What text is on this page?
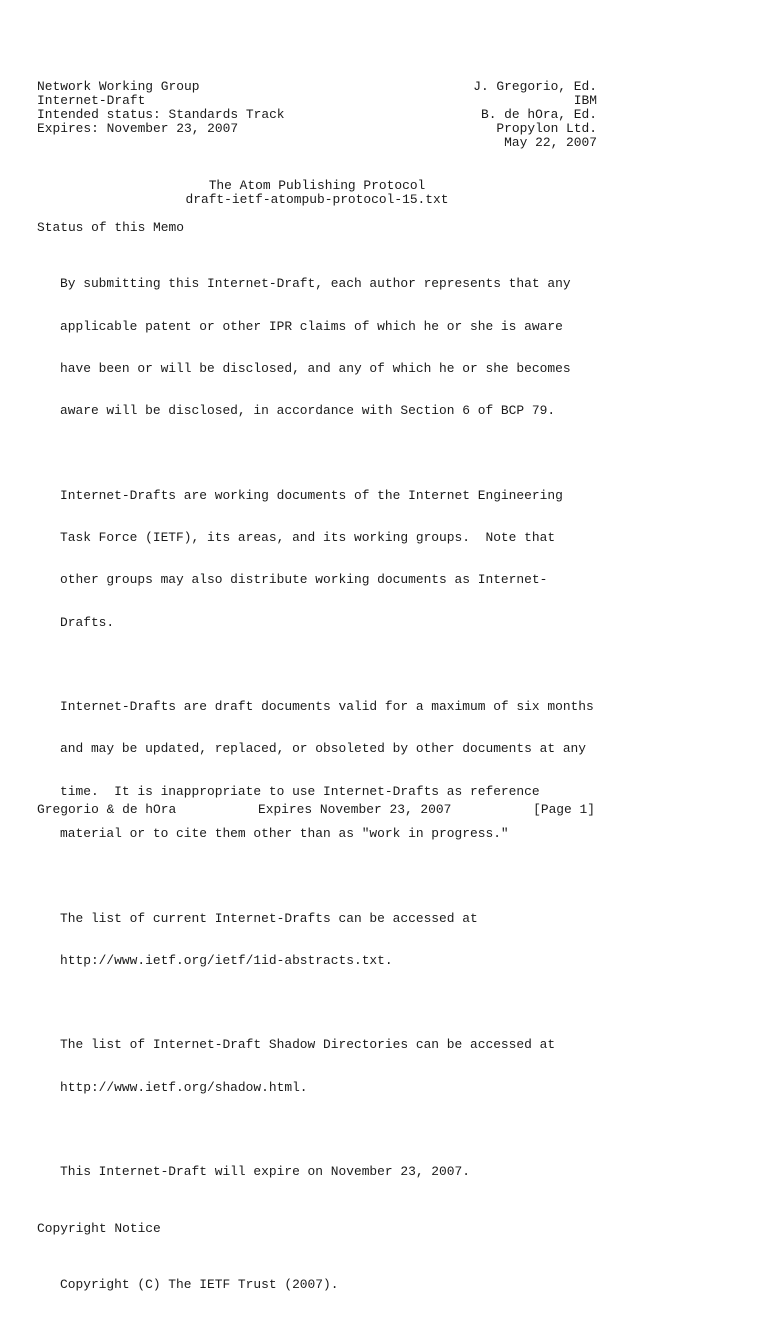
Network Working Group	J. Gregorio, Ed.
Internet-Draft	IBM
Intended status: Standards Track	B. de hOra, Ed.
Expires: November 23, 2007	Propylon Ltd.
May 22, 2007
The Atom Publishing Protocol
draft-ietf-atompub-protocol-15.txt
Status of this Memo

By submitting this Internet-Draft, each author represents that any

applicable patent or other IPR claims of which he or she is aware

have been or will be disclosed, and any of which he or she becomes

aware will be disclosed, in accordance with Section 6 of BCP 79.

Internet-Drafts are working documents of the Internet Engineering

Task Force (IETF), its areas, and its working groups.  Note that

other groups may also distribute working documents as Internet-

Drafts.

Internet-Drafts are draft documents valid for a maximum of six months

and may be updated, replaced, or obsoleted by other documents at any

time.  It is inappropriate to use Internet-Drafts as reference

material or to cite them other than as "work in progress."

The list of current Internet-Drafts can be accessed at

http://www.ietf.org/ietf/1id-abstracts.txt.

The list of Internet-Draft Shadow Directories can be accessed at

http://www.ietf.org/shadow.html.

This Internet-Draft will expire on November 23, 2007.

Copyright Notice

Copyright (C) The IETF Trust (2007).

Gregorio & de hOra	Expires November 23, 2007	[Page 1]
